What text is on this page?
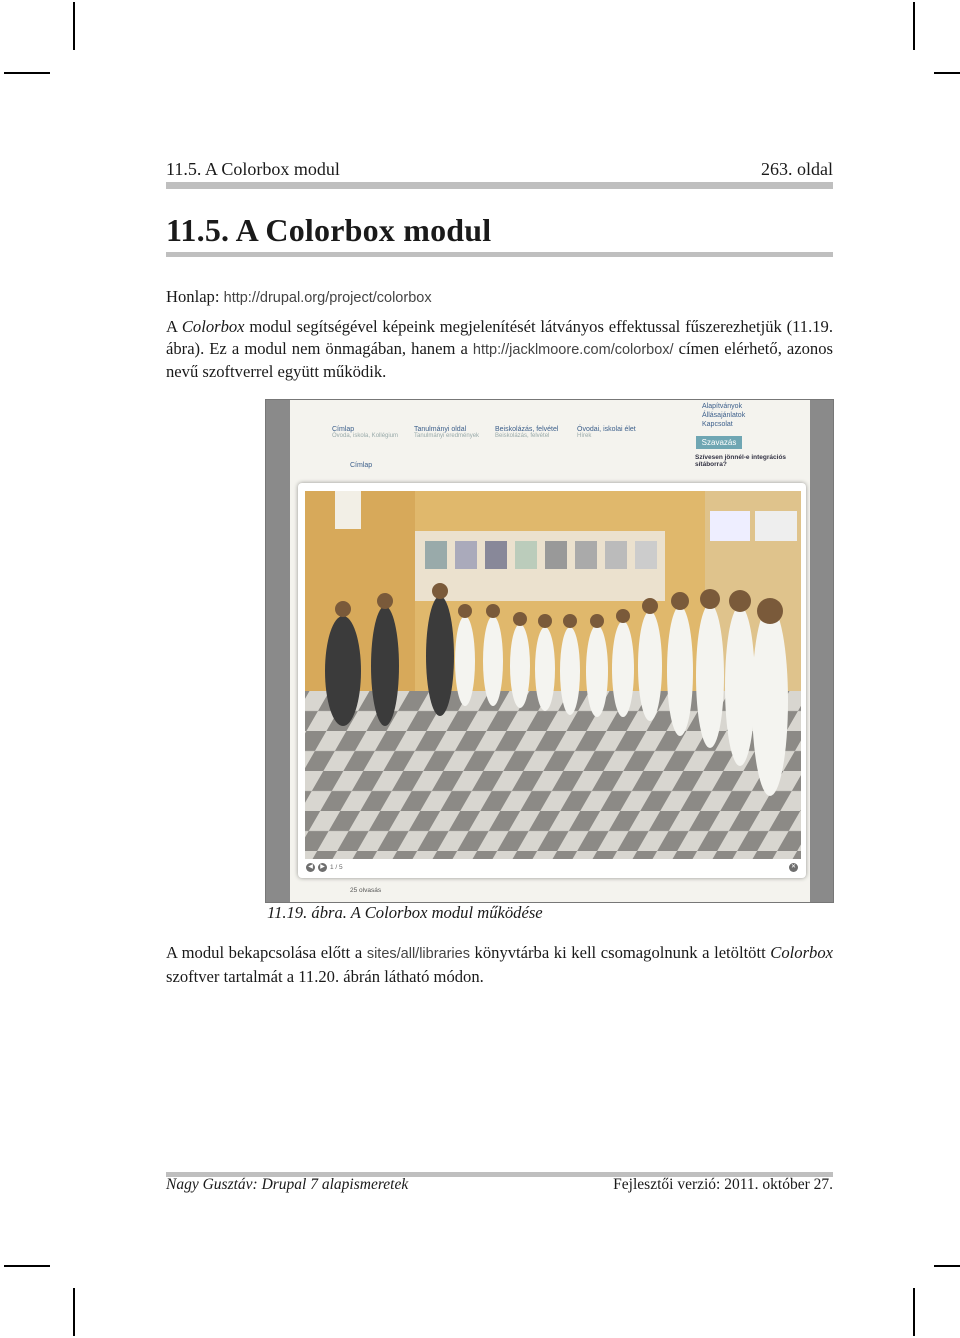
11.5. A Colorbox modul	263. oldal
11.5. A Colorbox modul
Honlap: http://drupal.org/project/colorbox
A Colorbox modul segítségével képeink megjelenítését látványos effektussal fűszerezhetjük (11.19. ábra). Ez a modul nem önmagában, hanem a http://jacklmoore.com/colorbox/ címen elérhető, azonos nevű szoftverrel együtt működik.
Címlap
Óvoda, iskola, Kollégium
Tanulmányi oldal
Tanulmányi eredmények
Beiskolázás, felvétel
Beiskolázás, felvétel
Óvodai, iskolai élet
Hírek
Alapítványok
Állásajánlatok
Kapcsolat
Szavazás
Szívesen jönnél-e integrációs sítáborra?
Címlap
25 olvasás
◀	▶ 1 / 5	✕
11.19. ábra. A Colorbox modul működése
A modul bekapcsolása előtt a sites/all/libraries könyvtárba ki kell csomagolnunk a letöltött Colorbox szoftver tartalmát a 11.20. ábrán látható módon.
Nagy Gusztáv: Drupal 7 alapismeretek	Fejlesztői verzió: 2011. október 27.
